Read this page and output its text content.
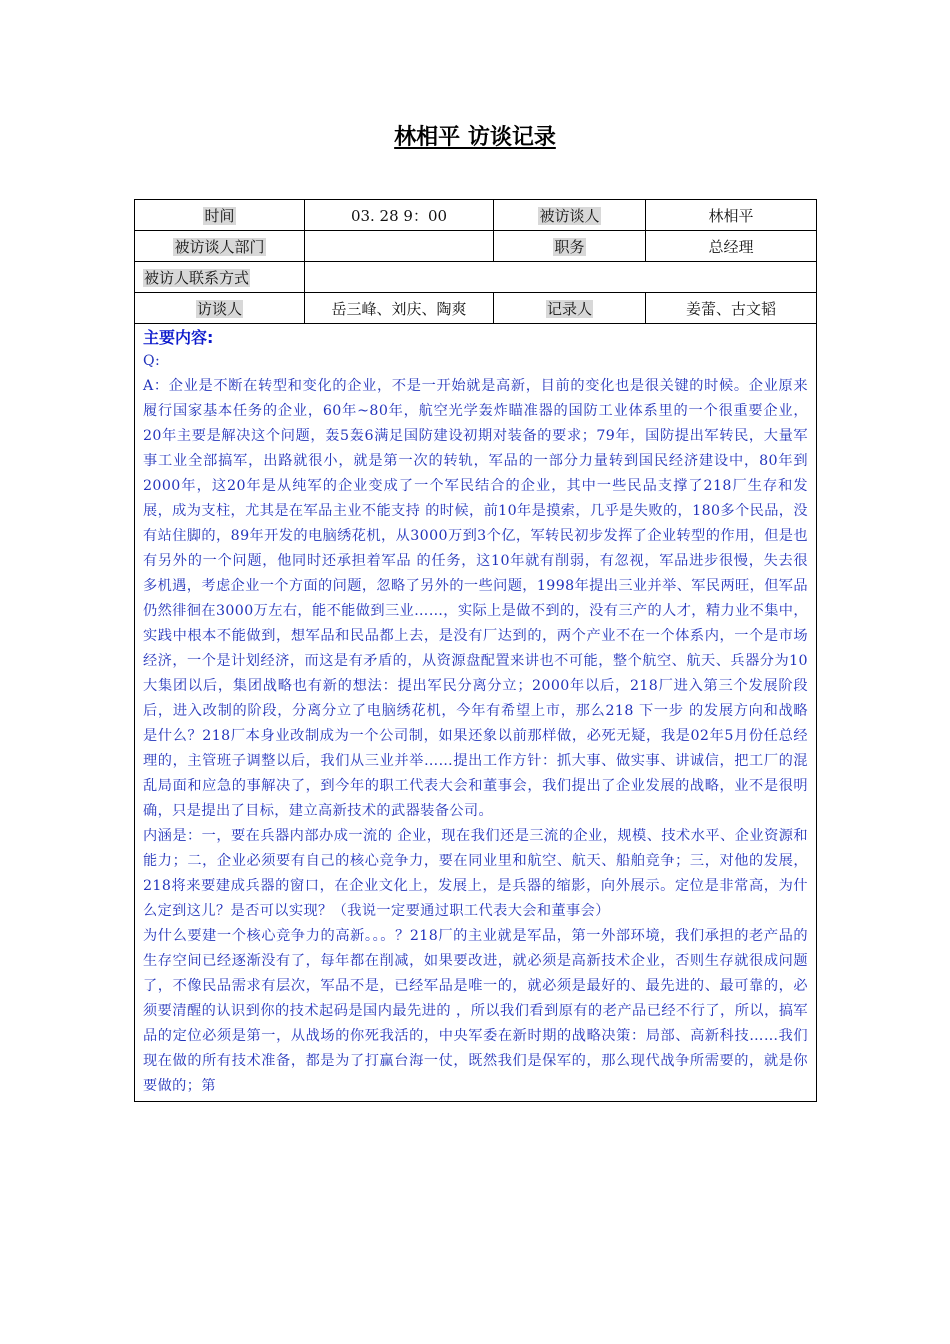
林相平 访谈记录
时间	03. 28 9：00	被访谈人	林相平
被访谈人部门		职务	总经理
被访人联系方式			
访谈人	岳三峰、刘庆、陶爽	记录人	姜蕾、古文韬

主要内容:

Q:

A：企业是不断在转型和变化的企业，不是一开始就是高新，目前的变化也是很关键的时候。企业原来履行国家基本任务的企业，60年~80年，航空光学轰炸瞄准器的国防工业体系里的一个很重要企业，20年主要是解决这个问题，轰5轰6满足国防建设初期对装备的要求；79年，国防提出军转民，大量军事工业全部搞军，出路就很小，就是第一次的转轨，军品的一部分力量转到国民经济建设中，80年到2000年，这20年是从纯军的企业变成了一个军民结合的企业，其中一些民品支撑了218厂生存和发展，成为支柱，尤其是在军品主业不能支持 的时候，前10年是摸索，几乎是失败的，180多个民品，没有站住脚的，89年开发的电脑绣花机，从3000万到3个亿，军转民初步发挥了企业转型的作用，但是也有另外的一个问题，他同时还承担着军品 的任务，这10年就有削弱，有忽视，军品进步很慢，失去很多机遇，考虑企业一个方面的问题，忽略了另外的一些问题，1998年提出三业并举、军民两旺，但军品仍然徘徊在3000万左右，能不能做到三业……，实际上是做不到的，没有三产的人才，精力业不集中，实践中根本不能做到，想军品和民品都上去，是没有厂达到的，两个产业不在一个体系内，一个是市场经济，一个是计划经济，而这是有矛盾的，从资源盘配置来讲也不可能，整个航空、航天、兵器分为10大集团以后，集团战略也有新的想法：提出军民分离分立；2000年以后，218厂进入第三个发展阶段后，进入改制的阶段，分离分立了电脑绣花机，今年有希望上市，那么218 下一步 的发展方向和战略是什么？218厂本身业改制成为一个公司制，如果还象以前那样做，必死无疑，我是02年5月份任总经理的，主管班子调整以后，我们从三业并举……提出工作方针：抓大事、做实事、讲诚信，把工厂的混乱局面和应急的事解决了，到今年的职工代表大会和董事会，我们提出了企业发展的战略，业不是很明确，只是提出了目标，建立高新技术的武器装备公司。

内涵是：一，要在兵器内部办成一流的 企业，现在我们还是三流的企业，规模、技术水平、企业资源和能力；二，企业必须要有自己的核心竞争力，要在同业里和航空、航天、船舶竞争；三，对他的发展，218将来要建成兵器的窗口，在企业文化上，发展上，是兵器的缩影，向外展示。定位是非常高，为什么定到这儿？是否可以实现？（我说一定要通过职工代表大会和董事会）

为什么要建一个核心竞争力的高新。。。？218厂的主业就是军品，第一外部环境，我们承担的老产品的生存空间已经逐渐没有了，每年都在削减，如果要改进，就必须是高新技术企业，否则生存就很成问题了，不像民品需求有层次，军品不是，已经军品是唯一的，就必须是最好的、最先进的、最可靠的，必须要清醒的认识到你的技术起码是国内最先进的 ，所以我们看到原有的老产品已经不行了，所以，搞军品的定位必须是第一，从战场的你死我活的，中央军委在新时期的战略决策：局部、高新科技……我们现在做的所有技术准备，都是为了打赢台海一仗，既然我们是保军的，那么现代战争所需要的，就是你要做的；第			
